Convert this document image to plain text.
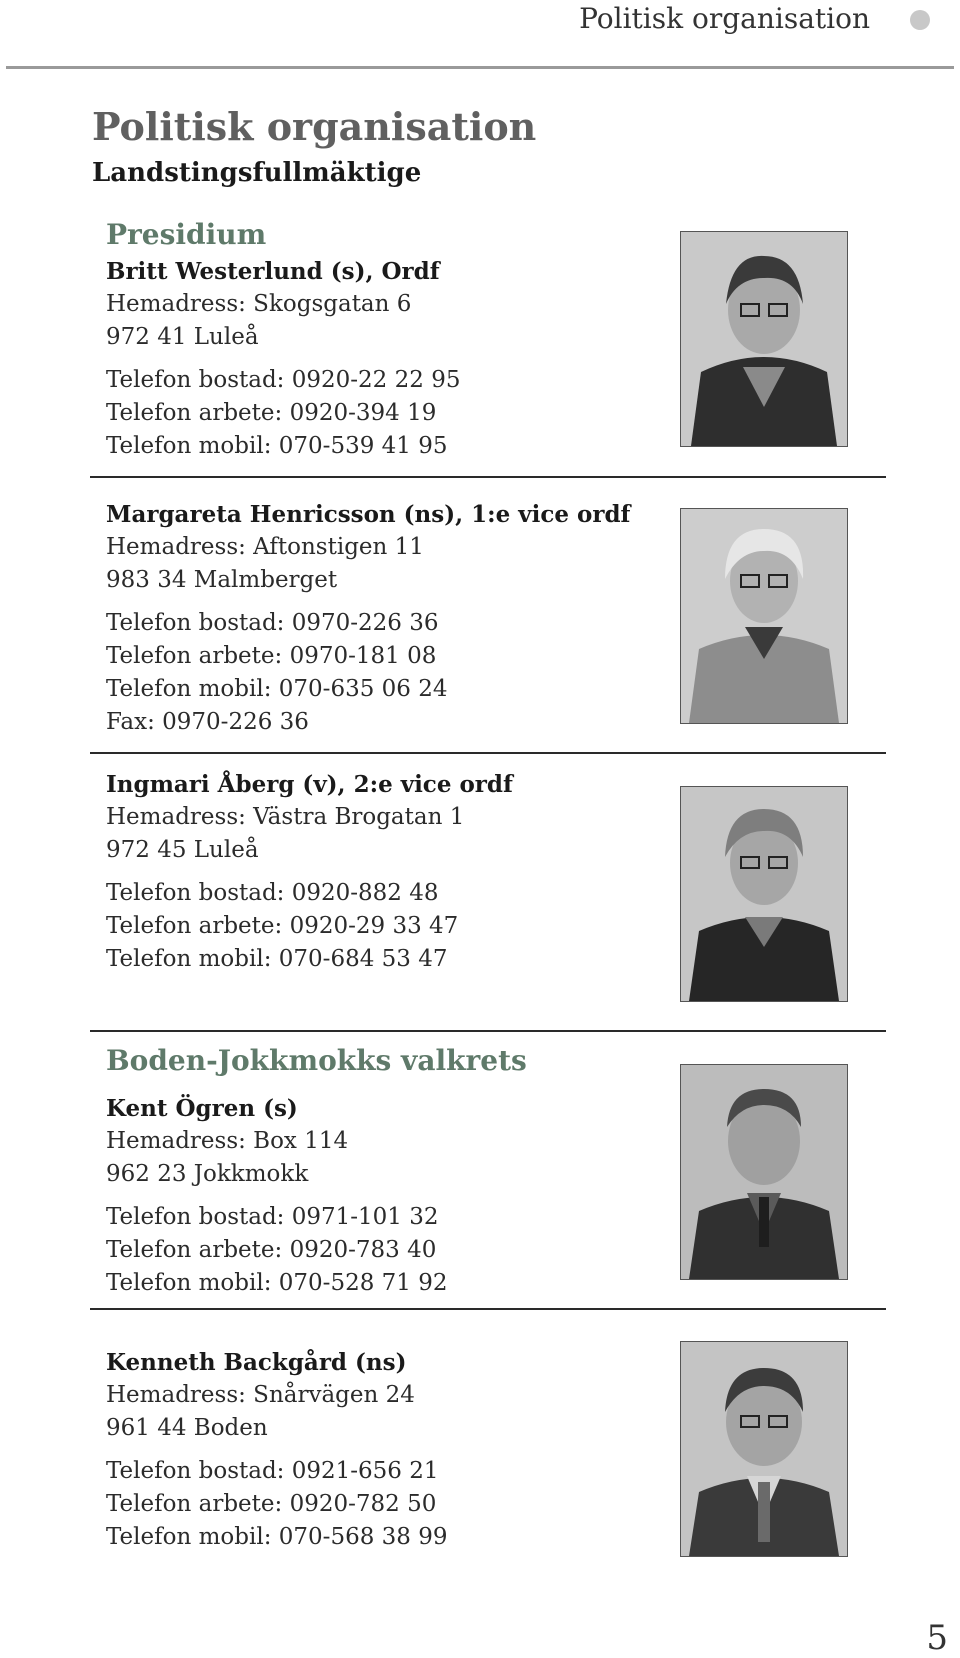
Politisk organisation
Politisk organisation
Landstingsfullmäktige
Presidium
Britt Westerlund (s), Ordf
Hemadress: Skogsgatan 6
972 41 Luleå
Telefon bostad: 0920-22 22 95
Telefon arbete: 0920-394 19
Telefon mobil: 070-539 41 95
Margareta Henricsson (ns), 1:e vice ordf
Hemadress: Aftonstigen 11
983 34 Malmberget
Telefon bostad: 0970-226 36
Telefon arbete: 0970-181 08
Telefon mobil: 070-635 06 24
Fax: 0970-226 36
Ingmari Åberg (v), 2:e vice ordf
Hemadress: Västra Brogatan 1
972 45 Luleå
Telefon bostad: 0920-882 48
Telefon arbete: 0920-29 33 47
Telefon mobil: 070-684 53 47
Boden-Jokkmokks valkrets
Kent Ögren (s)
Hemadress: Box 114
962 23 Jokkmokk
Telefon bostad: 0971-101 32
Telefon arbete: 0920-783 40
Telefon mobil: 070-528 71 92
Kenneth Backgård (ns)
Hemadress: Snårvägen 24
961 44 Boden
Telefon bostad: 0921-656 21
Telefon arbete: 0920-782 50
Telefon mobil: 070-568 38 99
5
